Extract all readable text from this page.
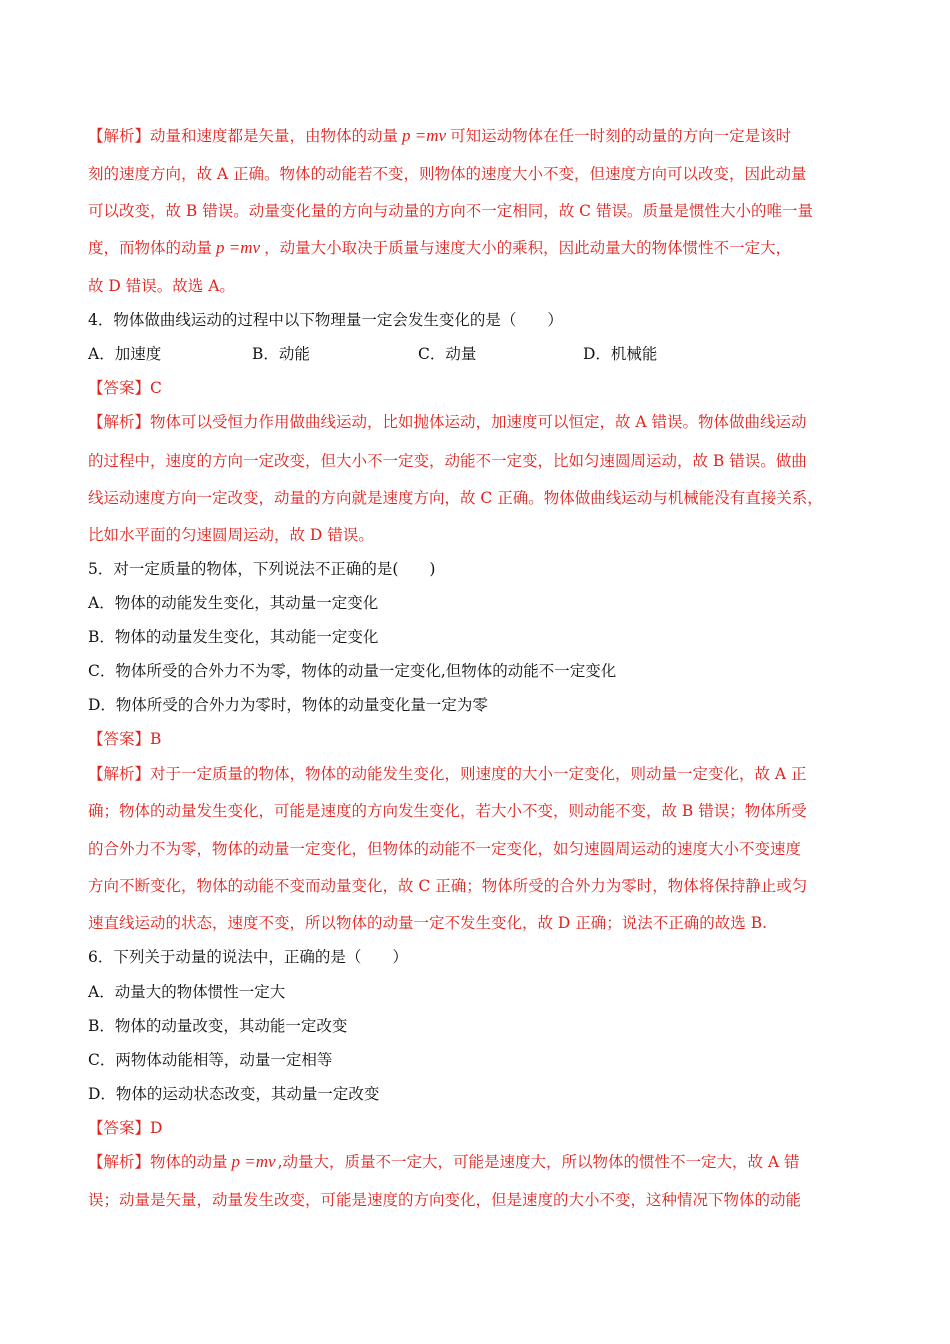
【解析】动量和速度都是矢量，由物体的动量 p =mv 可知运动物体在任一时刻的动量的方向一定是该时
刻的速度方向，故 A 正确。物体的动能若不变，则物体的速度大小不变，但速度方向可以改变，因此动量
可以改变，故 B 错误。动量变化量的方向与动量的方向不一定相同，故 C 错误。质量是惯性大小的唯一量
度，而物体的动量 p =mv ，动量大小取决于质量与速度大小的乘积，因此动量大的物体惯性不一定大，
故 D 错误。故选 A。
4．物体做曲线运动的过程中以下物理量一定会发生变化的是（　　）
A．加速度	B．动能	C．动量	D．机械能
【答案】C
【解析】物体可以受恒力作用做曲线运动，比如抛体运动，加速度可以恒定，故 A 错误。物体做曲线运动
的过程中，速度的方向一定改变，但大小不一定变，动能不一定变，比如匀速圆周运动，故 B 错误。做曲
线运动速度方向一定改变，动量的方向就是速度方向，故 C 正确。物体做曲线运动与机械能没有直接关系，
比如水平面的匀速圆周运动，故 D 错误。
5．对一定质量的物体，下列说法不正确的是(　　)
A．物体的动能发生变化，其动量一定变化
B．物体的动量发生变化，其动能一定变化
C．物体所受的合外力不为零，物体的动量一定变化,但物体的动能不一定变化
D．物体所受的合外力为零时，物体的动量变化量一定为零
【答案】B
【解析】对于一定质量的物体，物体的动能发生变化，则速度的大小一定变化，则动量一定变化，故 A 正
确；物体的动量发生变化，可能是速度的方向发生变化，若大小不变，则动能不变，故 B 错误；物体所受
的合外力不为零，物体的动量一定变化，但物体的动能不一定变化，如匀速圆周运动的速度大小不变速度
方向不断变化，物体的动能不变而动量变化，故 C 正确；物体所受的合外力为零时，物体将保持静止或匀
速直线运动的状态，速度不变，所以物体的动量一定不发生变化，故 D 正确；说法不正确的故选 B.
6．下列关于动量的说法中，正确的是（　　）
A．动量大的物体惯性一定大
B．物体的动量改变，其动能一定改变
C．两物体动能相等，动量一定相等
D．物体的运动状态改变，其动量一定改变
【答案】D
【解析】物体的动量 p =mv ,动量大，质量不一定大，可能是速度大，所以物体的惯性不一定大，故 A 错
误；动量是矢量，动量发生改变，可能是速度的方向变化，但是速度的大小不变，这种情况下物体的动能
